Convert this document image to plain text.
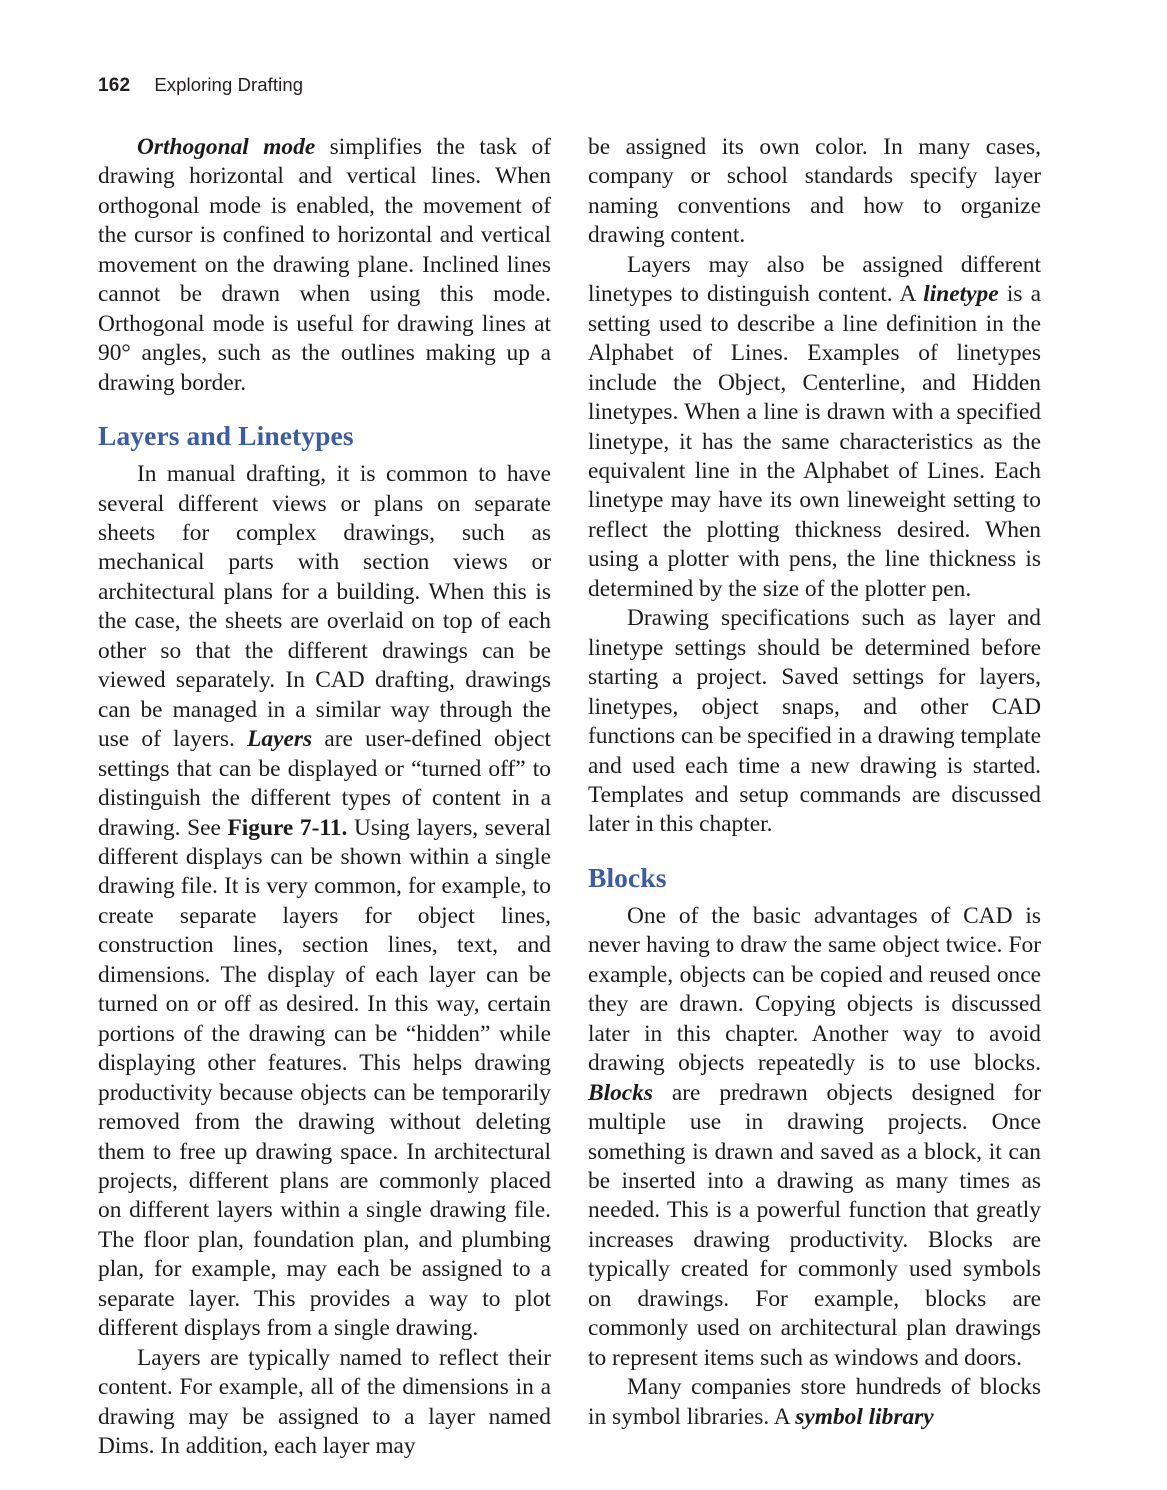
162 Exploring Drafting

Orthogonal mode simplifies the task of drawing horizontal and vertical lines. When orthogonal mode is enabled, the movement of the cursor is confined to horizontal and vertical movement on the drawing plane. Inclined lines cannot be drawn when using this mode. Orthogonal mode is useful for drawing lines at 90° angles, such as the outlines making up a drawing border.

Layers and Linetypes

In manual drafting, it is common to have several different views or plans on separate sheets for complex drawings, such as mechanical parts with section views or architectural plans for a building. When this is the case, the sheets are overlaid on top of each other so that the different drawings can be viewed separately. In CAD drafting, drawings can be managed in a similar way through the use of layers. Layers are user-defined object settings that can be displayed or “turned off” to distinguish the different types of content in a drawing. See Figure 7-11. Using layers, several different displays can be shown within a single drawing file. It is very common, for example, to create separate layers for object lines, construction lines, section lines, text, and dimensions. The display of each layer can be turned on or off as desired. In this way, certain portions of the drawing can be “hidden” while displaying other features. This helps drawing productivity because objects can be temporarily removed from the drawing without deleting them to free up drawing space. In architectural projects, different plans are commonly placed on different layers within a single drawing file. The floor plan, foundation plan, and plumbing plan, for example, may each be assigned to a separate layer. This provides a way to plot different displays from a single drawing.

Layers are typically named to reflect their content. For example, all of the dimensions in a drawing may be assigned to a layer named Dims. In addition, each layer may

be assigned its own color. In many cases, company or school standards specify layer naming conventions and how to organize drawing content.

Layers may also be assigned different linetypes to distinguish content. A linetype is a setting used to describe a line definition in the Alphabet of Lines. Examples of linetypes include the Object, Centerline, and Hidden linetypes. When a line is drawn with a specified linetype, it has the same characteristics as the equivalent line in the Alphabet of Lines. Each linetype may have its own lineweight setting to reflect the plotting thickness desired. When using a plotter with pens, the line thickness is determined by the size of the plotter pen.

Drawing specifications such as layer and linetype settings should be determined before starting a project. Saved settings for layers, linetypes, object snaps, and other CAD functions can be specified in a drawing template and used each time a new drawing is started. Templates and setup commands are discussed later in this chapter.

Blocks

One of the basic advantages of CAD is never having to draw the same object twice. For example, objects can be copied and reused once they are drawn. Copying objects is discussed later in this chapter. Another way to avoid drawing objects repeatedly is to use blocks. Blocks are predrawn objects designed for multiple use in drawing projects. Once something is drawn and saved as a block, it can be inserted into a drawing as many times as needed. This is a powerful function that greatly increases drawing productivity. Blocks are typically created for commonly used symbols on drawings. For example, blocks are commonly used on architectural plan drawings to represent items such as windows and doors.

Many companies store hundreds of blocks in symbol libraries. A symbol library
